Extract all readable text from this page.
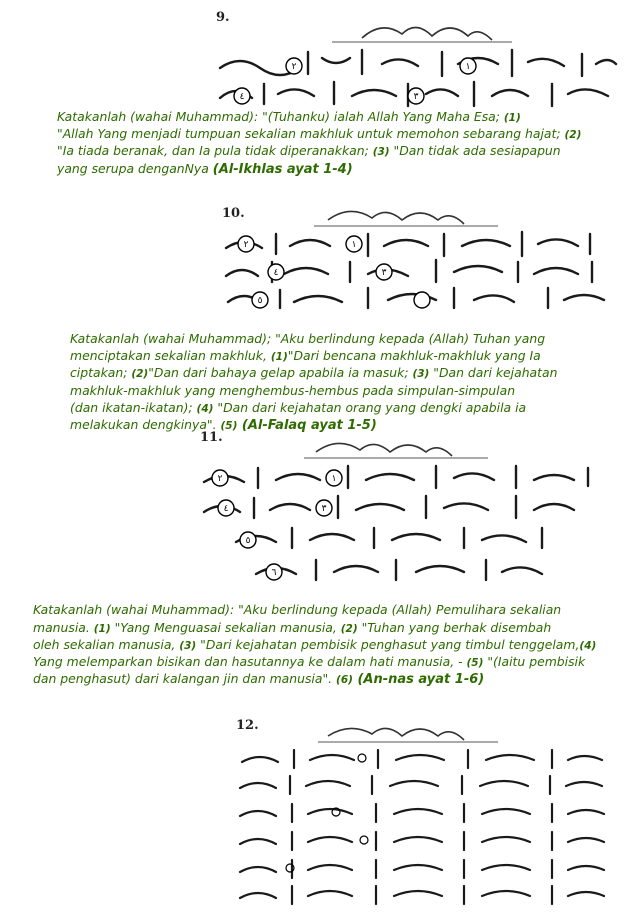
9.
١
٢
٣
٤
Katakanlah (wahai Muhammad): "(Tuhanku) ialah Allah Yang Maha Esa; (1)
"Allah Yang menjadi tumpuan sekalian makhluk untuk memohon sebarang hajat; (2)
"Ia tiada beranak, dan Ia pula tidak diperanakkan; (3) "Dan tidak ada sesiapapun
yang serupa denganNya (Al-Ikhlas ayat 1-4)
10.
١
٢
٣
٤
٥
Katakanlah (wahai Muhammad); "Aku berlindung kepada (Allah) Tuhan yang
menciptakan sekalian makhluk, (1)"Dari bencana makhluk-makhluk yang Ia
ciptakan; (2)"Dan dari bahaya gelap apabila ia masuk; (3) "Dan dari kejahatan
makhluk-makhluk yang menghembus-hembus pada simpulan-simpulan
(dan ikatan-ikatan); (4) "Dan dari kejahatan orang yang dengki apabila ia
melakukan dengkinya". (5) (Al-Falaq ayat 1-5)
11.
١
٢
٣
٤
٥
٦
Katakanlah (wahai Muhammad): "Aku berlindung kepada (Allah) Pemulihara sekalian
manusia. (1) "Yang Menguasai sekalian manusia, (2) "Tuhan yang berhak disembah
oleh sekalian manusia, (3) "Dari kejahatan pembisik penghasut yang timbul tenggelam,(4)
Yang melemparkan bisikan dan hasutannya ke dalam hati manusia, - (5) "(Iaitu pembisik
dan penghasut) dari kalangan jin dan manusia". (6) (An-nas ayat 1-6)
12.
